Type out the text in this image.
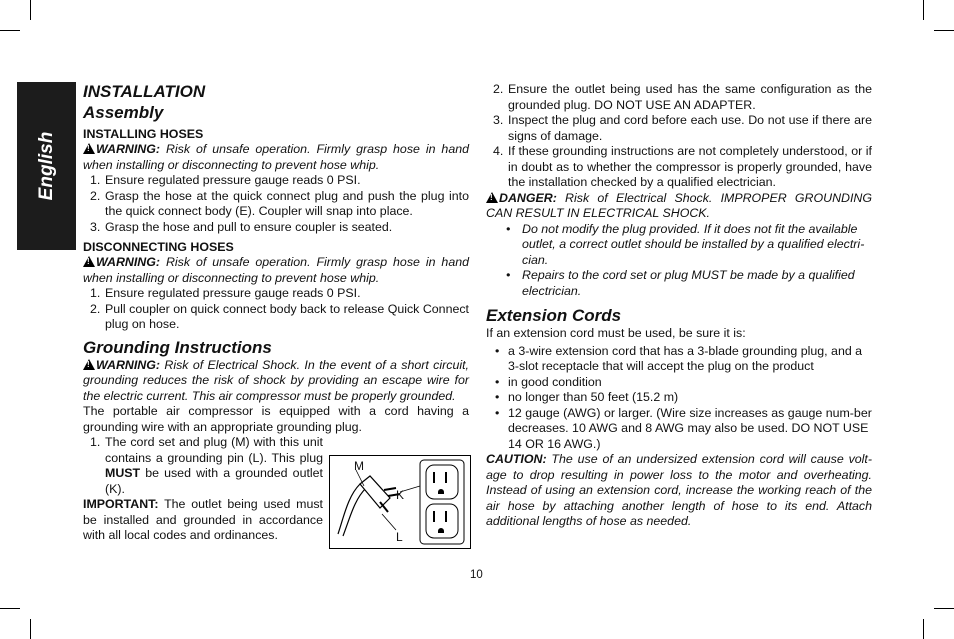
English
INSTALLATION
Assembly
INSTALLING HOSES

!WARNING: Risk of unsafe operation. Firmly grasp hose in hand when installing or disconnecting to prevent hose whip.

1. Ensure regulated pressure gauge reads 0 PSI.
2. Grasp the hose at the quick connect plug and push the plug into the quick connect body (E). Coupler will snap into place.
3. Grasp the hose and pull to ensure coupler is seated.
DISCONNECTING HOSES

!WARNING: Risk of unsafe operation. Firmly grasp hose in hand when installing or disconnecting to prevent hose whip.

1. Ensure regulated pressure gauge reads 0 PSI.
2. Pull coupler on quick connect body back to release Quick Connect plug on hose.
Grounding Instructions

!WARNING: Risk of Electrical Shock. In the event of a short circuit, grounding reduces the risk of shock by providing an escape wire for the electric current. This air compressor must be properly grounded.

The portable air compressor is equipped with a cord having a grounding wire with an appropriate grounding plug.

1. The cord set and plug (M) with this unit contains a grounding pin (L). This plug MUST be used with a grounded outlet (K).

IMPORTANT: The outlet being used must be installed and grounded in accordance with all local codes and ordinances.

M
K
L
2. Ensure the outlet being used has the same configuration as the grounded plug. DO NOT USE AN ADAPTER.
3. Inspect the plug and cord before each use. Do not use if there are signs of damage.
4. If these grounding instructions are not completely understood, or if in doubt as to whether the compressor is properly grounded, have the installation checked by a qualified electrician.

!DANGER: Risk of Electrical Shock. IMPROPER GROUNDING CAN RESULT IN ELECTRICAL SHOCK.

• Do not modify the plug provided. If it does not fit the available outlet, a correct outlet should be installed by a qualified electri-cian.
• Repairs to the cord set or plug MUST be made by a qualified electrician.
Extension Cords

If an extension cord must be used, be sure it is:

• a 3-wire extension cord that has a 3-blade grounding plug, and a 3-slot receptacle that will accept the plug on the product
• in good condition
• no longer than 50 feet (15.2 m)
• 12 gauge (AWG) or larger. (Wire size increases as gauge num-ber decreases. 10 AWG and 8 AWG may also be used. DO NOT USE 14 OR 16 AWG.)

CAUTION: The use of an undersized extension cord will cause volt-age to drop resulting in power loss to the motor and overheating. Instead of using an extension cord, increase the working reach of the air hose by attaching another length of hose to its end. Attach additional lengths of hose as needed.

10
